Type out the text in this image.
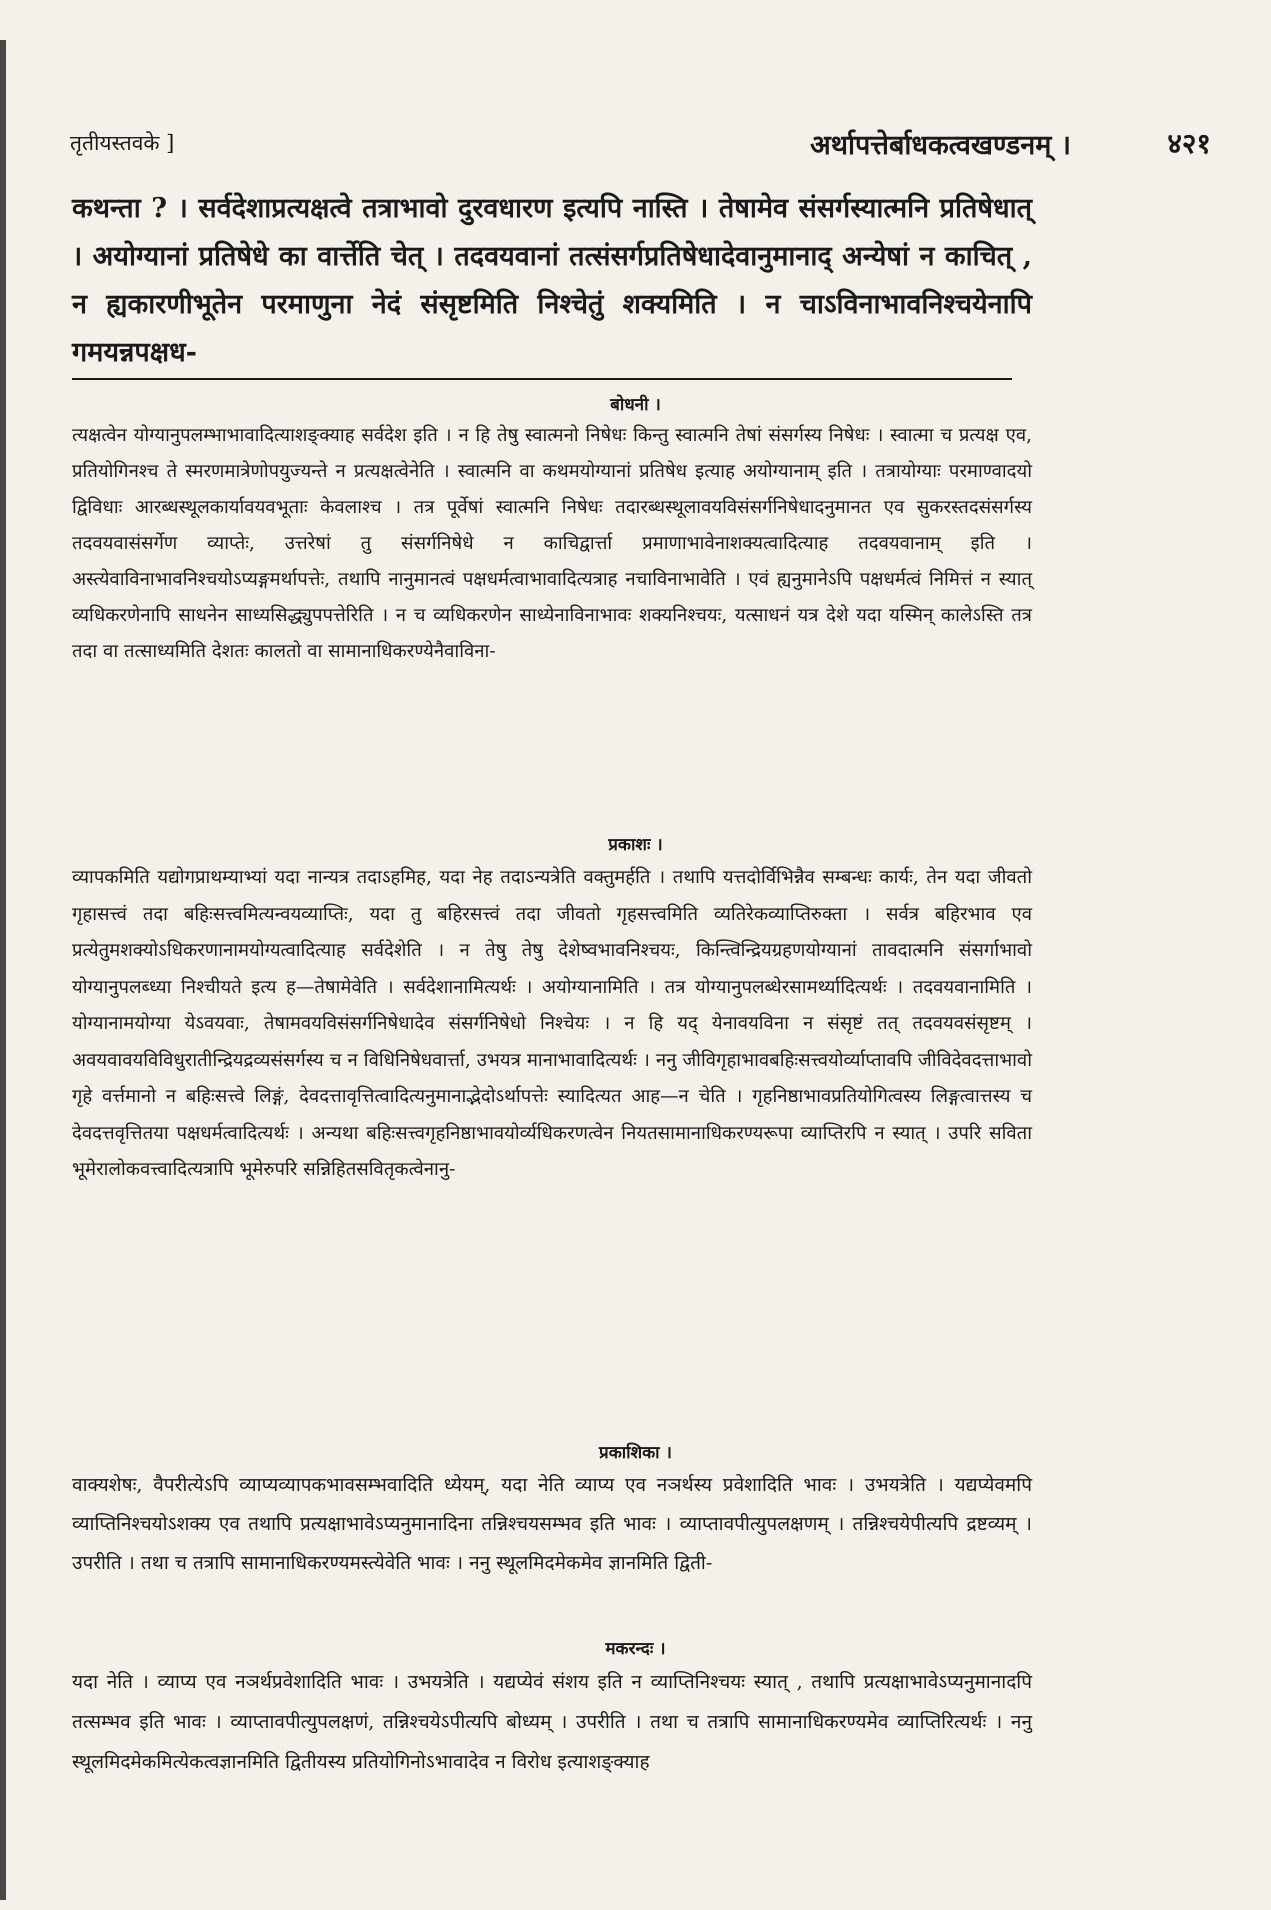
तृतीयस्तवके ]	अर्थापत्तेर्बाधकत्वखण्डनम् ।	४२१
कथन्ता ? । सर्वदेशाप्रत्यक्षत्वे तत्राभावो दुरवधारण इत्यपि नास्ति । तेषामेव संसर्गस्यात्मनि प्रतिषेधात् । अयोग्यानां प्रतिषेधे का वार्त्तेति चेत् । तदवयवानां तत्संसर्गप्रतिषेधादेवानुमानाद् अन्येषां न काचित् , न ह्यकारणीभूतेन परमाणुना नेदं संसृष्टमिति निश्चेतुं शक्यमिति । न चाऽविनाभावनिश्चयेनापि गमयन्नपक्षध-
बोधनी ।
त्यक्षत्वेन योग्यानुपलम्भाभावादित्याशङ्क्याह सर्वदेश इति । न हि तेषु स्वात्मनो निषेधः किन्तु स्वात्मनि तेषां संसर्गस्य निषेधः । स्वात्मा च प्रत्यक्ष एव, प्रतियोगिनश्च ते स्मरणमात्रेणोपयुज्यन्ते न प्रत्यक्षत्वेनेति । स्वात्मनि वा कथमयोग्यानां प्रतिषेध इत्याह अयोग्यानाम् इति । तत्रायोग्याः परमाण्वादयो द्विविधाः आरब्धस्थूलकार्यावयवभूताः केवलाश्च । तत्र पूर्वेषां स्वात्मनि निषेधः तदारब्धस्थूलावयविसंसर्गनिषेधादनुमानत एव सुकरस्तदसंसर्गस्य तदवयवासंसर्गेण व्याप्तेः, उत्तरेषां तु संसर्गनिषेधे न काचिद्वार्त्ता प्रमाणाभावेनाशक्यत्वादित्याह तदवयवानाम् इति । अस्त्येवाविनाभावनिश्चयोऽप्यङ्गमर्थापत्तेः, तथापि नानुमानत्वं पक्षधर्मत्वाभावादित्यत्राह नचाविनाभावेति । एवं ह्यनुमानेऽपि पक्षधर्मत्वं निमित्तं न स्यात् व्यधिकरणेनापि साधनेन साध्यसिद्ध्युपपत्तेरिति । न च व्यधिकरणेन साध्येनाविनाभावः शक्यनिश्चयः, यत्साधनं यत्र देशे यदा यस्मिन् कालेऽस्ति तत्र तदा वा तत्साध्यमिति देशतः कालतो वा सामानाधिकरण्येनैवाविना-
प्रकाशः ।
व्यापकमिति यद्योगप्राथम्याभ्यां यदा नान्यत्र तदाऽहमिह, यदा नेह तदाऽन्यत्रेति वक्तुमर्हति । तथापि यत्तदोर्विभिन्नैव सम्बन्धः कार्यः, तेन यदा जीवतो गृहासत्त्वं तदा बहिःसत्त्वमित्यन्वयव्याप्तिः, यदा तु बहिरसत्त्वं तदा जीवतो गृहसत्त्वमिति व्यतिरेकव्याप्तिरुक्ता । सर्वत्र बहिरभाव एव प्रत्येतुमशक्योऽधिकरणानामयोग्यत्वादित्याह सर्वदेशेति । न तेषु तेषु देशेष्वभावनिश्चयः, किन्त्विन्द्रियग्रहणयोग्यानां तावदात्मनि संसर्गाभावो योग्यानुपलब्ध्या निश्चीयते इत्य ह—तेषामेवेति । सर्वदेशानामित्यर्थः । अयोग्यानामिति । तत्र योग्यानुपलब्धेरसामर्थ्यादित्यर्थः । तदवयवानामिति । योग्यानामयोग्या येऽवयवाः, तेषामवयविसंसर्गनिषेधादेव संसर्गनिषेधो निश्चेयः । न हि यद् येनावयविना न संसृष्टं तत् तदवयवसंसृष्टम् । अवयवावयविविधुरातीन्द्रियद्रव्यसंसर्गस्य च न विधिनिषेधवार्त्ता, उभयत्र मानाभावादित्यर्थः । ननु जीविगृहाभावबहिःसत्त्वयोर्व्याप्तावपि जीविदेवदत्ताभावो गृहे वर्त्तमानो न बहिःसत्त्वे लिङ्गं, देवदत्तावृत्तित्वादित्यनुमानाद्भेदोऽर्थापत्तेः स्यादित्यत आह—न चेति । गृहनिष्ठाभावप्रतियोगित्वस्य लिङ्गत्वात्तस्य च देवदत्तवृत्तितया पक्षधर्मत्वादित्यर्थः । अन्यथा बहिःसत्त्वगृहनिष्ठाभावयोर्व्यधिकरणत्वेन नियतसामानाधिकरण्यरूपा व्याप्तिरपि न स्यात् । उपरि सविता भूमेरालोकवत्त्वादित्यत्रापि भूमेरुपरि सन्निहितसवितृकत्वेनानु-
प्रकाशिका ।
वाक्यशेषः, वैपरीत्येऽपि व्याप्यव्यापकभावसम्भवादिति ध्येयम्, यदा नेति व्याप्य एव नञर्थस्य प्रवेशादिति भावः । उभयत्रेति । यद्यप्येवमपि व्याप्तिनिश्चयोऽशक्य एव तथापि प्रत्यक्षाभावेऽप्यनुमानादिना तन्निश्चयसम्भव इति भावः । व्याप्तावपीत्युपलक्षणम् । तन्निश्चयेपीत्यपि द्रष्टव्यम् । उपरीति । तथा च तत्रापि सामानाधिकरण्यमस्त्येवेति भावः । ननु स्थूलमिदमेकमेव ज्ञानमिति द्विती-
मकरन्दः ।
यदा नेति । व्याप्य एव नञर्थप्रवेशादिति भावः । उभयत्रेति । यद्यप्येवं संशय इति न व्याप्तिनिश्चयः स्यात् , तथापि प्रत्यक्षाभावेऽप्यनुमानादपि तत्सम्भव इति भावः । व्याप्तावपीत्युपलक्षणं, तन्निश्चयेऽपीत्यपि बोध्यम् । उपरीति । तथा च तत्रापि सामानाधिकरण्यमेव व्याप्तिरित्यर्थः । ननु स्थूलमिदमेकमित्येकत्वज्ञानमिति द्वितीयस्य प्रतियोगिनोऽभावादेव न विरोध इत्याशङ्क्याह
